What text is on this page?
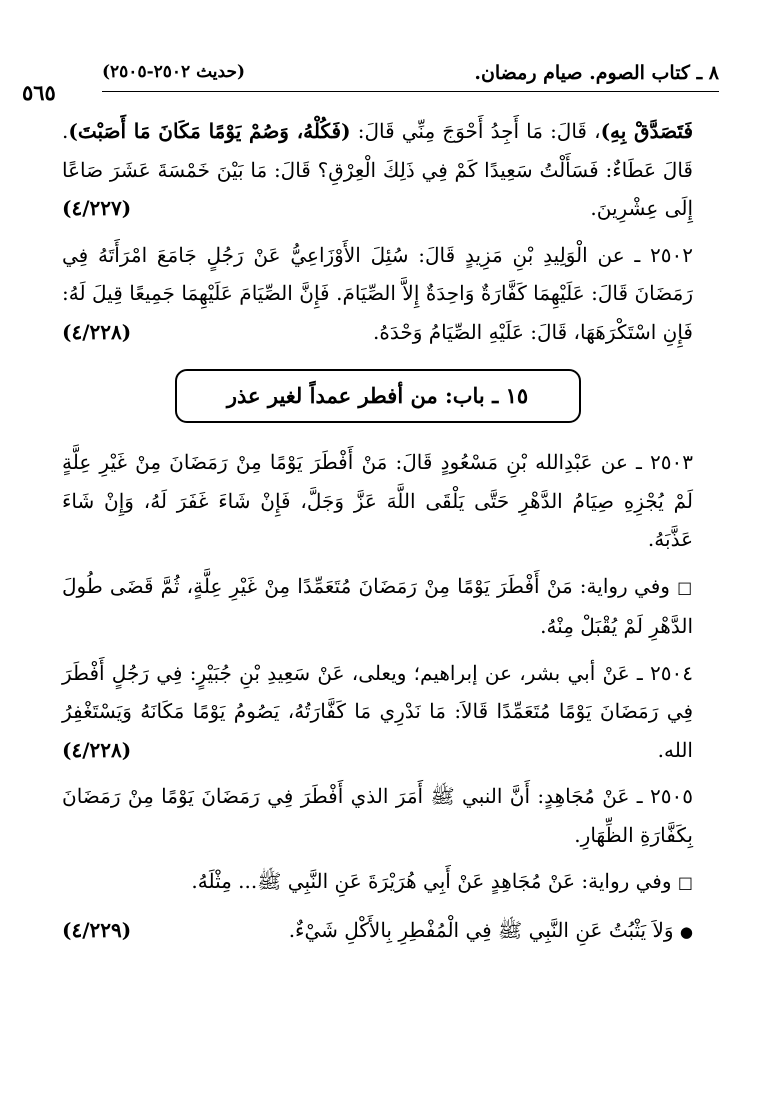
٨ ـ كتاب الصوم. صيام رمضان.
(حديث ٢٥٠٢-٢٥٠٥)
٥٦٥

فَتَصَدَّقْ بِهِ)، قَالَ: مَا أَجِدُ أَحْوَجَ مِنِّي قَالَ: (فَكُلْهُ، وَصُمْ يَوْمًا مَكَانَ مَا أَصَبْتَ). قَالَ عَطَاءٌ: فَسَأَلْتُ سَعِيدًا كَمْ فِي ذَلِكَ الْعِرْقِ؟ قَالَ: مَا بَيْنَ خَمْسَةَ عَشَرَ صَاعًا إِلَى عِشْرِينَ.
(٤/٢٢٧)

٢٥٠٢ ـ عن الْوَلِيدِ بْنِ مَزِيدٍ قَالَ: سُئِلَ الأَوْزَاعِيُّ عَنْ رَجُلٍ جَامَعَ امْرَأَتَهُ فِي رَمَضَانَ قَالَ: عَلَيْهِمَا كَفَّارَةٌ وَاحِدَةٌ إِلاَّ الصِّيَامَ. فَإِنَّ الصِّيَامَ عَلَيْهِمَا جَمِيعًا قِيلَ لَهُ: فَإِنِ اسْتَكْرَهَهَا، قَالَ: عَلَيْهِ الصِّيَامُ وَحْدَهُ.
(٤/٢٢٨)

١٥ ـ باب: من أفطر عمداً لغير عذر

٢٥٠٣ ـ عن عَبْدِالله بْنِ مَسْعُودٍ قَالَ: مَنْ أَفْطَرَ يَوْمًا مِنْ رَمَضَانَ مِنْ غَيْرِ عِلَّةٍ لَمْ يُجْزِهِ صِيَامُ الدَّهْرِ حَتَّى يَلْقَى اللَّهَ عَزَّ وَجَلَّ، فَإِنْ شَاءَ غَفَرَ لَهُ، وَإِنْ شَاءَ عَذَّبَهُ.

□ وفي رواية: مَنْ أَفْطَرَ يَوْمًا مِنْ رَمَضَانَ مُتَعَمِّدًا مِنْ غَيْرِ عِلَّةٍ، ثُمَّ قَضَى طُولَ الدَّهْرِ لَمْ يُقْبَلْ مِنْهُ.

٢٥٠٤ ـ عَنْ أبي بشر، عن إبراهيم؛ ويعلى، عَنْ سَعِيدِ بْنِ جُبَيْرٍ: فِي رَجُلٍ أَفْطَرَ فِي رَمَضَانَ يَوْمًا مُتَعَمِّدًا قَالاَ: مَا نَدْرِي مَا كَفَّارَتُهُ، يَصُومُ يَوْمًا مَكَانَهُ وَيَسْتَغْفِرُ الله.
(٤/٢٢٨)

٢٥٠٥ ـ عَنْ مُجَاهِدٍ: أَنَّ النبي ﷺ أَمَرَ الذي أَفْطَرَ فِي رَمَضَانَ يَوْمًا مِنْ رَمَضَانَ بِكَفَّارَةِ الظِّهَارِ.

□ وفي رواية: عَنْ مُجَاهِدٍ عَنْ أَبِي هُرَيْرَةَ عَنِ النَّبِي ﷺ... مِثْلَهُ.

● وَلاَ يَثْبُتُ عَنِ النَّبِي ﷺ فِي الْمُفْطِرِ بِالأَكْلِ شَيْءٌ.
(٤/٢٢٩)
